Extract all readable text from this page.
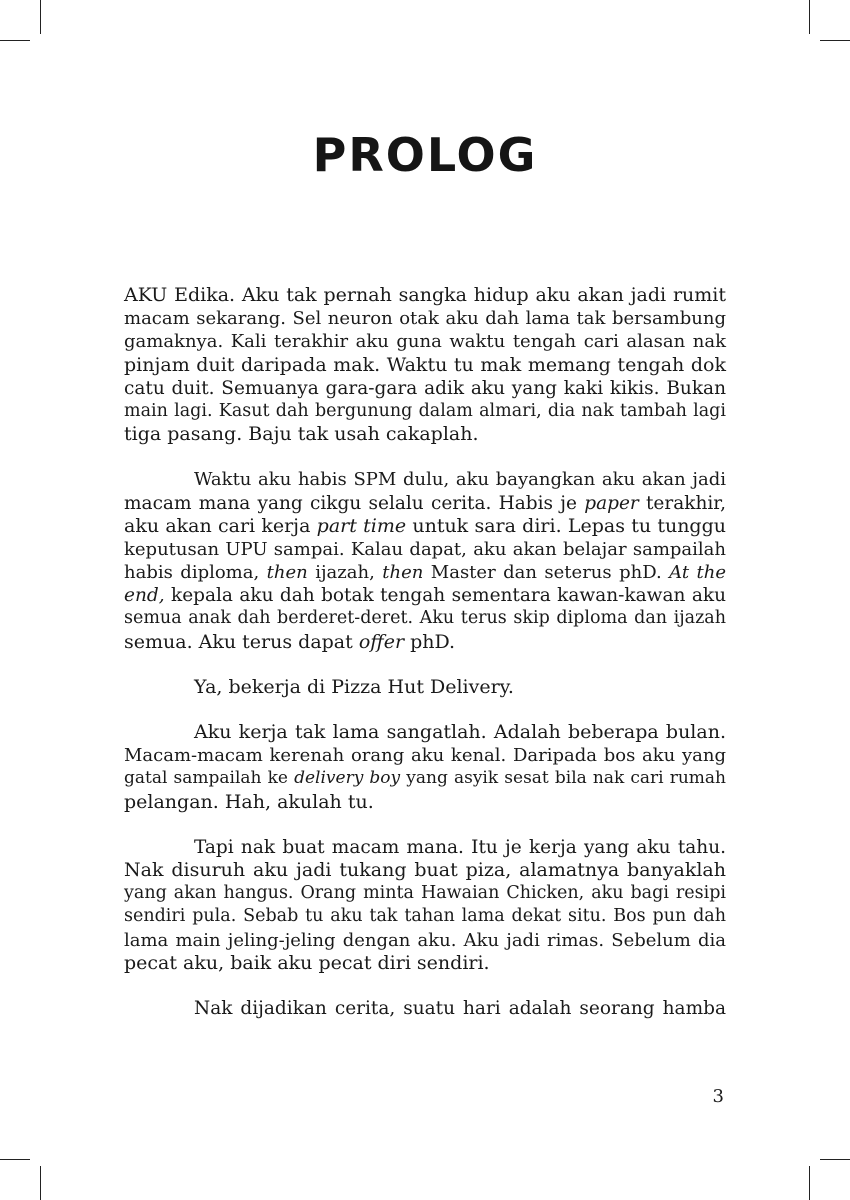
PROLOG
AKU Edika. Aku tak pernah sangka hidup aku akan jadi rumit
macam sekarang. Sel neuron otak aku dah lama tak bersambung
gamaknya. Kali terakhir aku guna waktu tengah cari alasan nak
pinjam duit daripada mak. Waktu tu mak memang tengah dok
catu duit. Semuanya gara-gara adik aku yang kaki kikis. Bukan
main lagi. Kasut dah bergunung dalam almari, dia nak tambah lagi
tiga pasang. Baju tak usah cakaplah.
Waktu aku habis SPM dulu, aku bayangkan aku akan jadi
macam mana yang cikgu selalu cerita. Habis je paper terakhir,
aku akan cari kerja part time untuk sara diri. Lepas tu tunggu
keputusan UPU sampai. Kalau dapat, aku akan belajar sampailah
habis diploma, then ijazah, then Master dan seterus phD. At the
end, kepala aku dah botak tengah sementara kawan-kawan aku
semua anak dah berderet-deret. Aku terus skip diploma dan ijazah
semua. Aku terus dapat offer phD.
Ya, bekerja di Pizza Hut Delivery.
Aku kerja tak lama sangatlah. Adalah beberapa bulan.
Macam-macam kerenah orang aku kenal. Daripada bos aku yang
gatal sampailah ke delivery boy yang asyik sesat bila nak cari rumah
pelangan. Hah, akulah tu.
Tapi nak buat macam mana. Itu je kerja yang aku tahu.
Nak disuruh aku jadi tukang buat piza, alamatnya banyaklah
yang akan hangus. Orang minta Hawaian Chicken, aku bagi resipi
sendiri pula. Sebab tu aku tak tahan lama dekat situ. Bos pun dah
lama main jeling-jeling dengan aku. Aku jadi rimas. Sebelum dia
pecat aku, baik aku pecat diri sendiri.
Nak dijadikan cerita, suatu hari adalah seorang hamba
3
